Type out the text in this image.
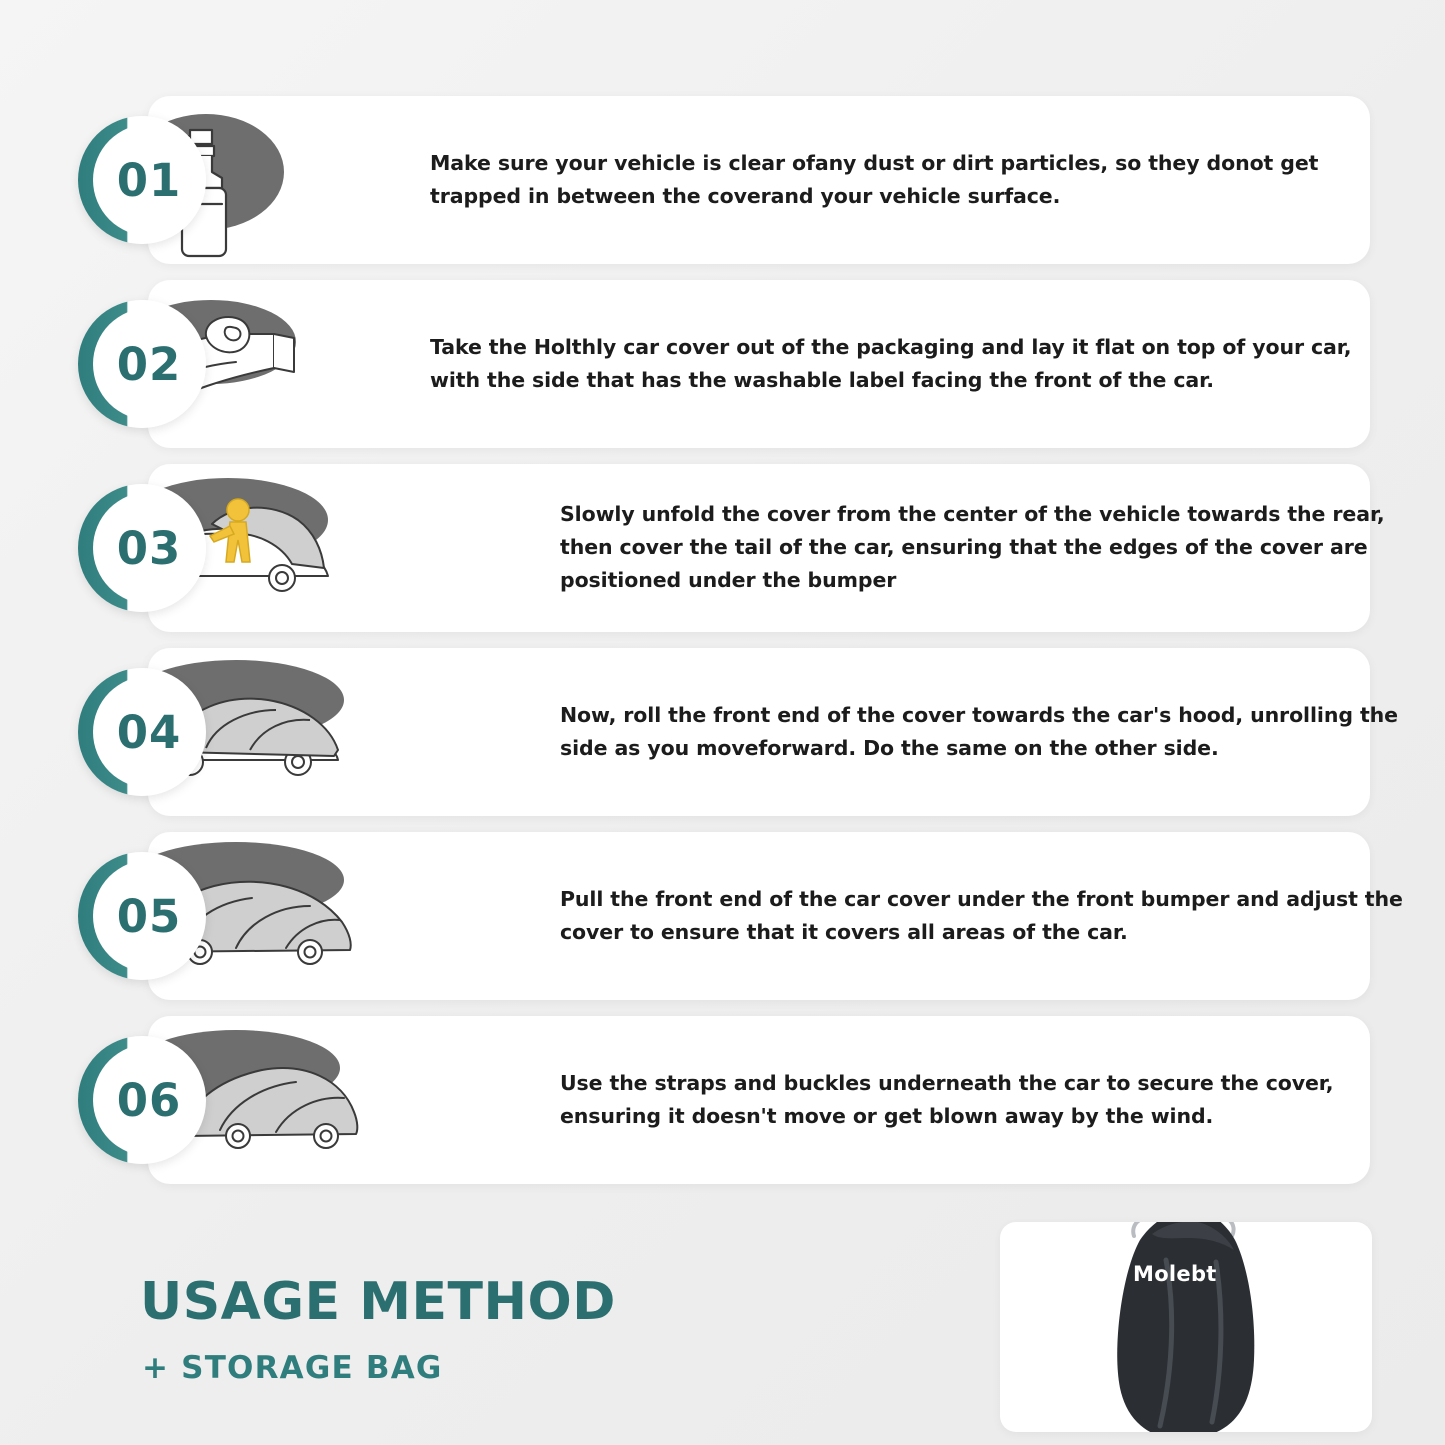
01	Make sure your vehicle is clear ofany dust or dirt particles, so they donot get trapped in between the coverand your vehicle surface.
02	Take the Holthly car cover out of the packaging and lay it flat on top of your car, with the side that has the washable label facing the front of the car.
03
Slowly unfold the cover from the center of the vehicle towards the rear, then cover the tail of the car, ensuring that the edges of the cover are positioned under the bumper
04	Now, roll the front end of the cover towards the car's hood, unrolling the side as you moveforward. Do the same on the other side.
05	Pull the front end of the car cover under the front bumper and adjust the cover to ensure that it covers all areas of the car.
06	Use the straps and buckles underneath the car to secure the cover, ensuring it doesn't move or get blown away by the wind.
USAGE METHOD
+ STORAGE BAG
Molebt
